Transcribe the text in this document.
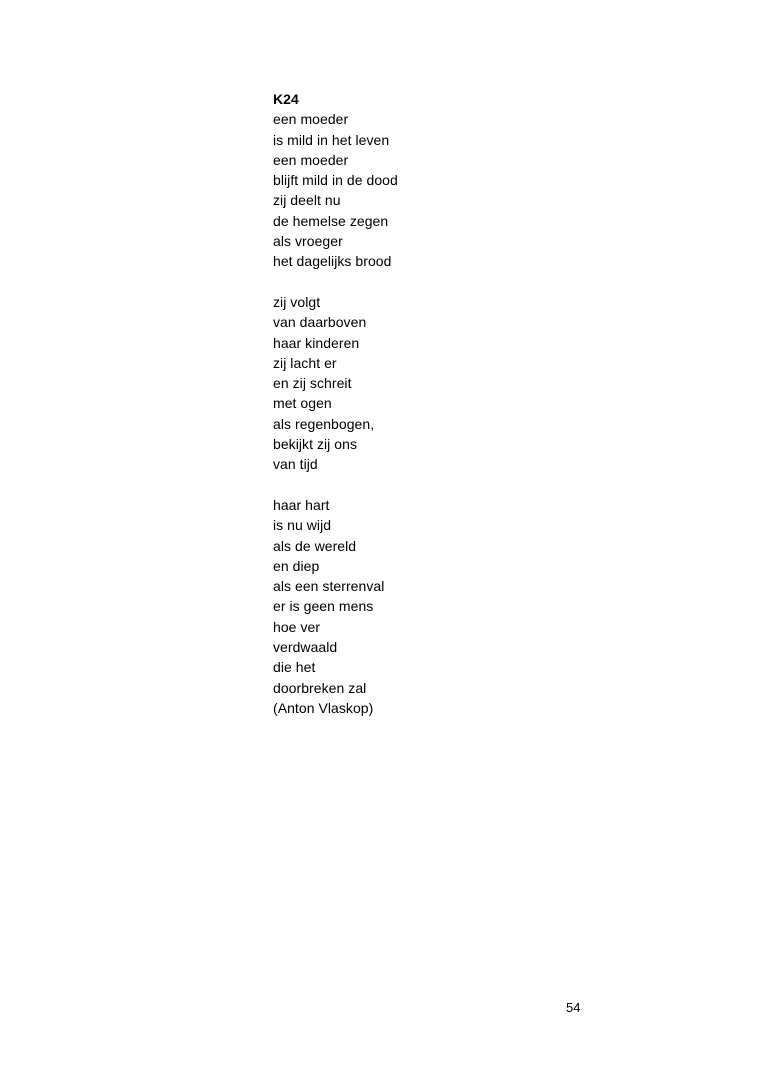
K24
een moeder
is mild in het leven
een moeder
blijft mild in de dood
zij deelt nu
de hemelse zegen
als vroeger
het dagelijks brood
zij volgt
van daarboven
haar kinderen
zij lacht er
en zij schreit
met ogen
als regenbogen,
bekijkt zij ons
van tijd
haar hart
is nu wijd
als de wereld
en diep
als een sterrenval
er is geen mens
hoe ver
verdwaald
die het
doorbreken zal
(Anton Vlaskop)
54
